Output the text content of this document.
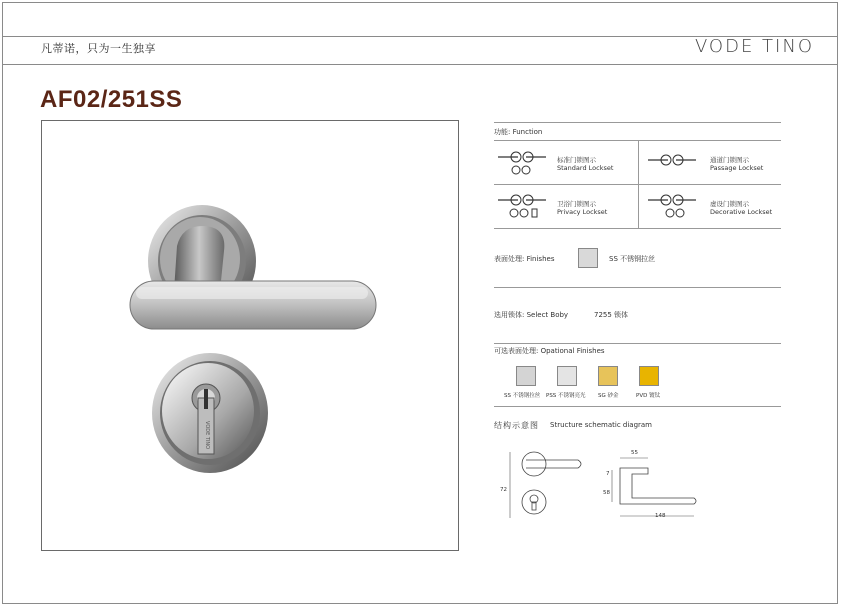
凡蒂诺，只为一生独享	VODE TINO
AF02/251SS
VODE TINO
功能: Function
标准门锁图示
Standard Lockset
通道门锁图示
Passage Lockset
卫浴门锁图示
Privacy Lockset
虚设门锁图示
Decorative Lockset
表面处理: Finishes	SS 不锈钢拉丝
选用锁体: Select Boby	7255 锁体
可选表面处理: Opational Finishes
SS 不锈钢拉丝 PSS 不锈钢亮光 SG 砂金	PVD 镀钛
结构示意图 Structure schematic diagram
72
55
7
58
148
